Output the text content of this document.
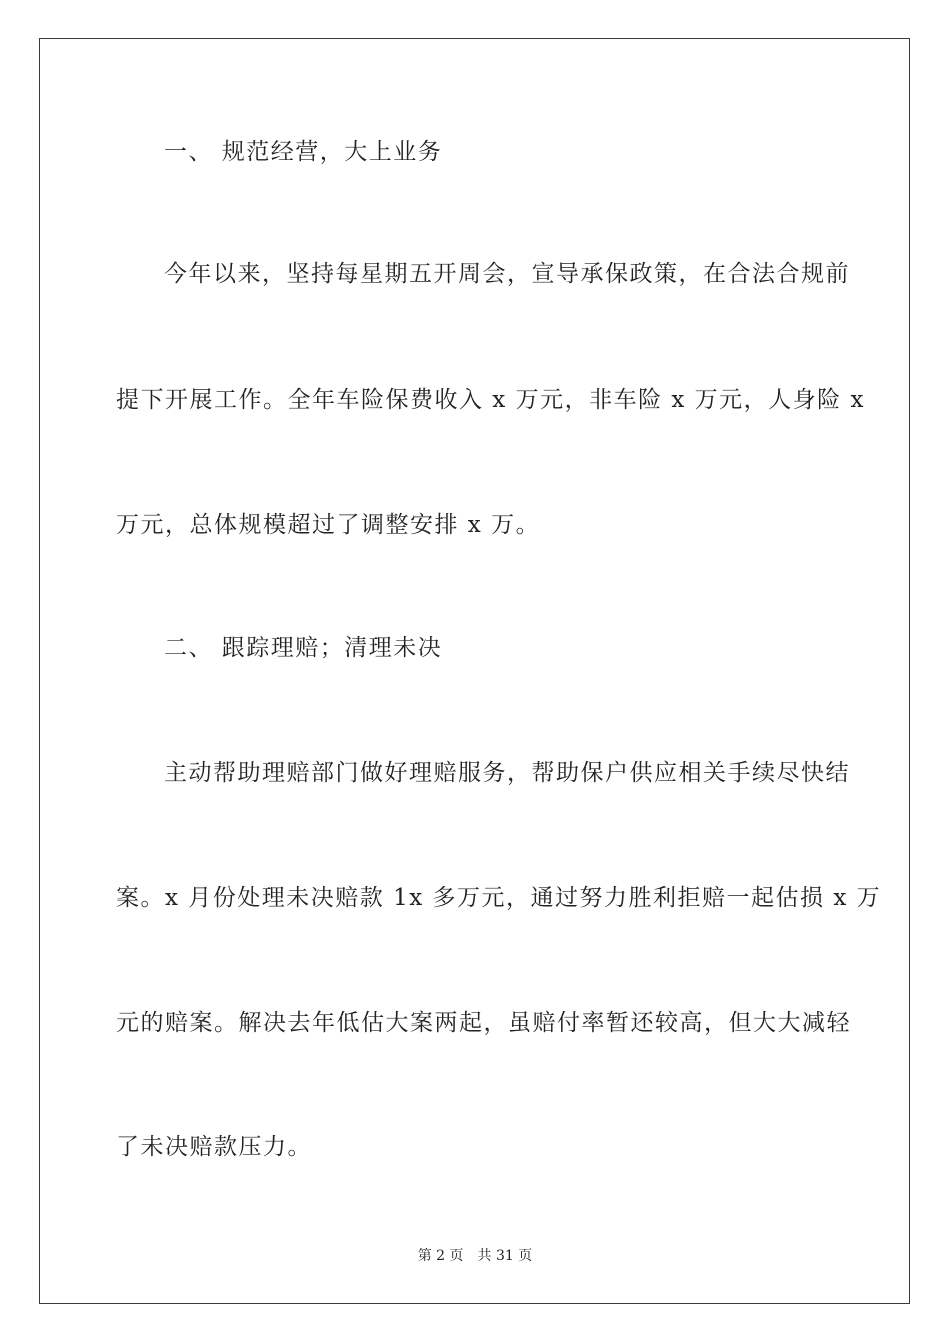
一、 规范经营，大上业务
今年以来，坚持每星期五开周会，宣导承保政策，在合法合规前
提下开展工作。全年车险保费收入 x 万元，非车险 x 万元，人身险 x
万元，总体规模超过了调整安排 x 万。
二、 跟踪理赔；清理未决
主动帮助理赔部门做好理赔服务，帮助保户供应相关手续尽快结
案。x 月份处理未决赔款 1x 多万元，通过努力胜利拒赔一起估损 x 万
元的赔案。解决去年低估大案两起，虽赔付率暂还较高，但大大减轻
了未决赔款压力。
第 2 页 共 31 页
